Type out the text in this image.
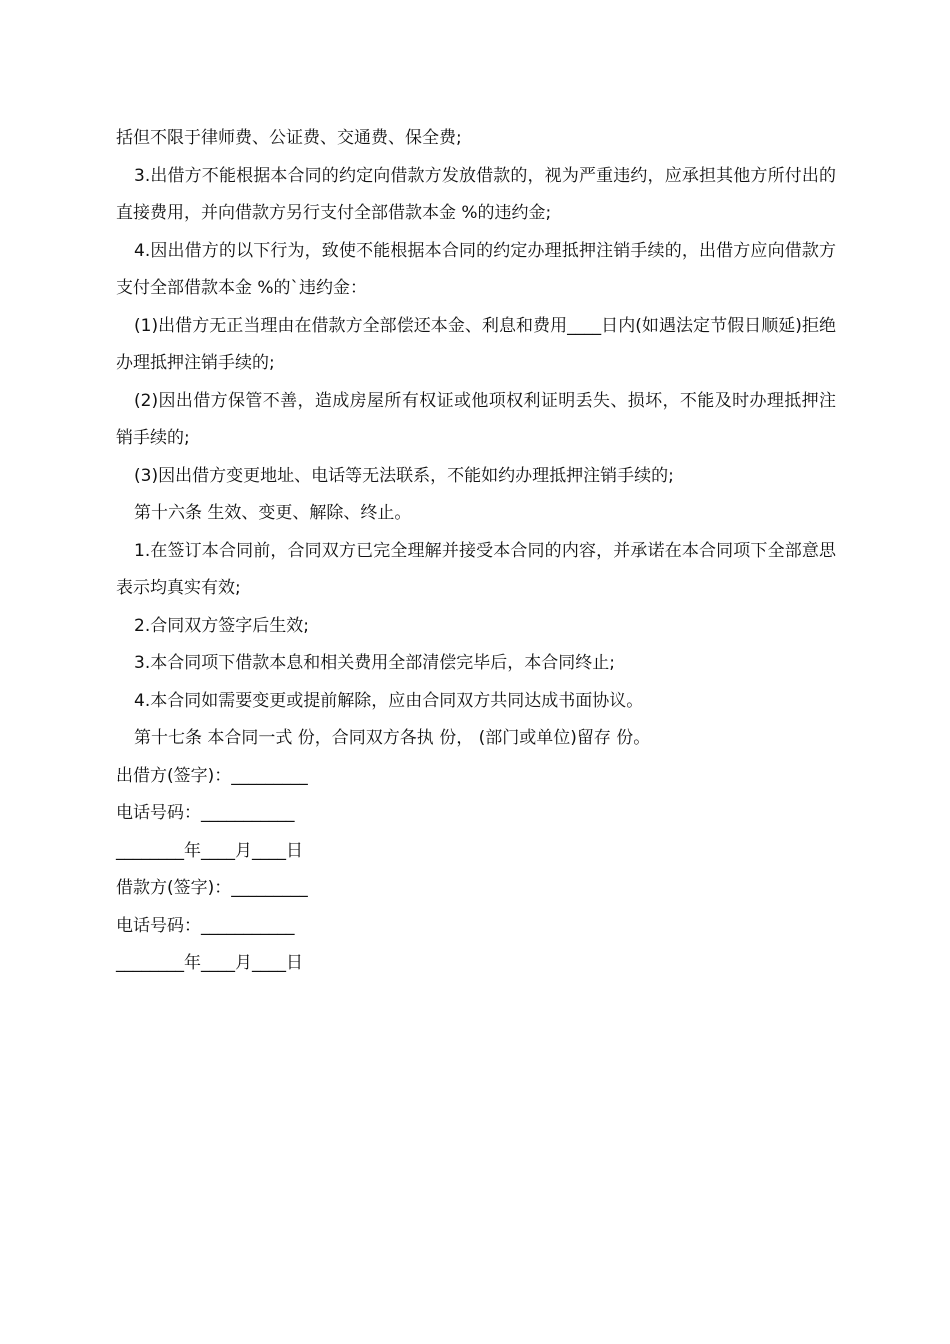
括但不限于律师费、公证费、交通费、保全费;

3.出借方不能根据本合同的约定向借款方发放借款的，视为严重违约，应承担其他方所付出的直接费用，并向借款方另行支付全部借款本金 %的违约金;

4.因出借方的以下行为，致使不能根据本合同的约定办理抵押注销手续的，出借方应向借款方支付全部借款本金 %的`违约金：

(1)出借方无正当理由在借款方全部偿还本金、利息和费用____日内(如遇法定节假日顺延)拒绝办理抵押注销手续的;

(2)因出借方保管不善，造成房屋所有权证或他项权利证明丢失、损坏，不能及时办理抵押注销手续的;

(3)因出借方变更地址、电话等无法联系，不能如约办理抵押注销手续的;

第十六条 生效、变更、解除、终止。

1.在签订本合同前，合同双方已完全理解并接受本合同的内容，并承诺在本合同项下全部意思表示均真实有效;

2.合同双方签字后生效;

3.本合同项下借款本息和相关费用全部清偿完毕后，本合同终止;

4.本合同如需要变更或提前解除，应由合同双方共同达成书面协议。

第十七条 本合同一式 份，合同双方各执 份， (部门或单位)留存 份。

出借方(签字)：_________

电话号码：___________

________年____月____日

借款方(签字)：_________

电话号码：___________

________年____月____日
